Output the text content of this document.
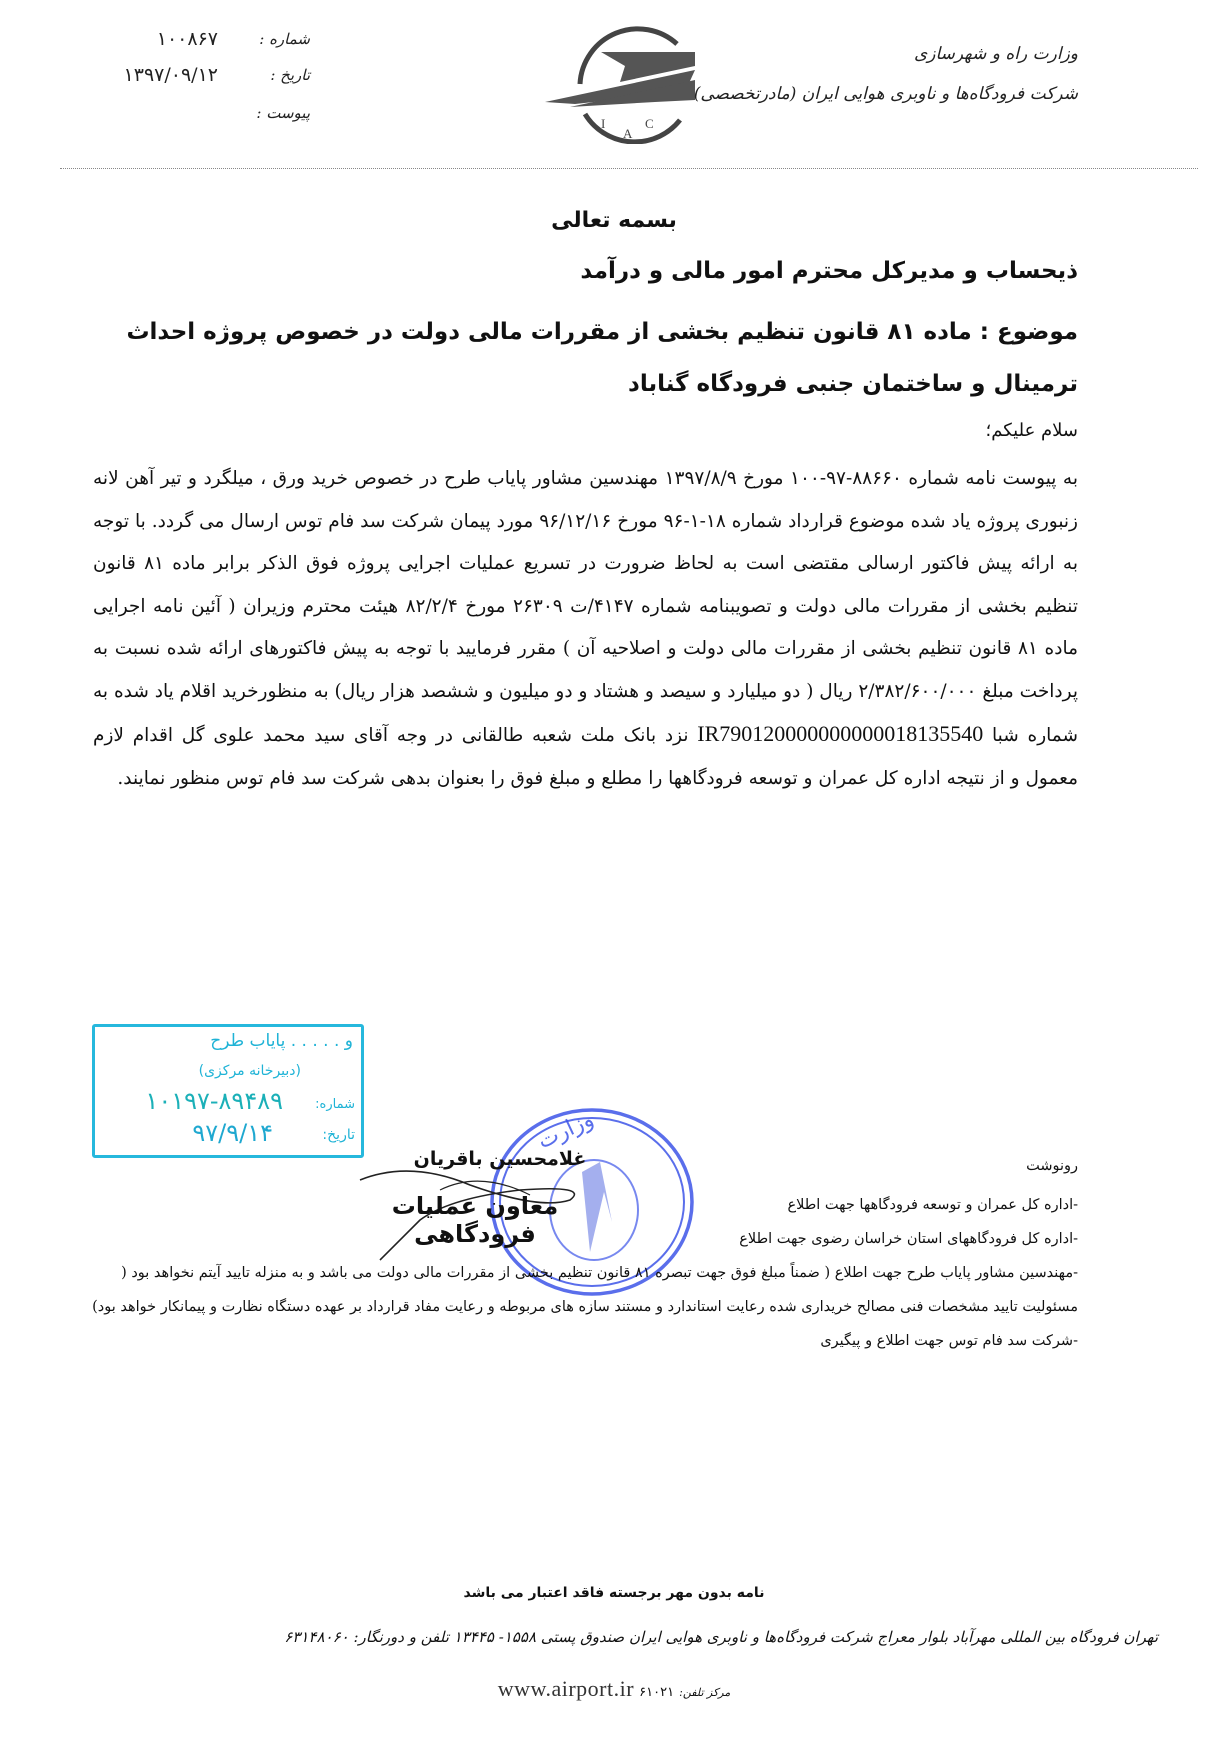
شماره :
۱۰۰۸۶۷
تاریخ :
۱۳۹۷/۰۹/۱۲
پیوست :
I
A
C
وزارت راه و شهرسازی
شرکت فرودگاه‌ها و ناوبری هوایی ایران (مادرتخصصی)
بسمه تعالی
ذیحساب و مدیرکل محترم امور مالی و درآمد
موضوع : ماده ۸۱ قانون تنظیم بخشی از مقررات مالی دولت در خصوص پروژه احداث ترمینال و ساختمان جنبی فرودگاه گناباد
سلام علیکم؛
به پیوست نامه شماره ۸۸۶۶۰-۹۷-۱۰۰ مورخ ۱۳۹۷/۸/۹ مهندسین مشاور پایاب طرح در خصوص خرید ورق ، میلگرد و تیر آهن لانه زنبوری پروژه یاد شده موضوع قرارداد شماره ۱۸-۱-۹۶ مورخ ۹۶/۱۲/۱۶ مورد پیمان شرکت سد فام توس ارسال می گردد. با توجه به ارائه پیش فاکتور ارسالی مقتضی است به لحاظ ضرورت در تسریع عملیات اجرایی پروژه فوق الذکر برابر ماده ۸۱ قانون تنظیم بخشی از مقررات مالی دولت و تصویبنامه شماره ۴۱۴۷/ت ۲۶۳۰۹ مورخ ۸۲/۲/۴ هیئت محترم وزیران ( آئین نامه اجرایی ماده ۸۱ قانون تنظیم بخشی از مقررات مالی دولت و اصلاحیه آن ) مقرر فرمایید با توجه به پیش فاکتورهای ارائه شده نسبت به پرداخت مبلغ ۲/۳۸۲/۶۰۰/۰۰۰ ریال ( دو میلیارد و سیصد و هشتاد و دو میلیون و ششصد هزار ریال) به منظورخرید اقلام یاد شده به شماره شبا IR790120000000000018135540 نزد بانک ملت شعبه طالقانی در وجه آقای سید محمد علوی گل اقدام لازم معمول و از نتیجه اداره کل عمران و توسعه فرودگاهها را مطلع و مبلغ فوق را بعنوان بدهی شرکت سد فام توس منظور نمایند.
و . . . . . پایاب طرح
(دبیرخانه مرکزی)
شماره:
۱۰۱۹۷-۸۹۴۸۹
تاریخ:
۹۷/۹/۱۴	وزارت
غلامحسین باقریان
معاون عملیات فرودگاهی
رونوشت
-اداره کل عمران و توسعه فرودگاهها جهت اطلاع
-اداره کل فرودگاههای استان خراسان رضوی جهت اطلاع
-مهندسین مشاور پایاب طرح جهت اطلاع ( ضمناً مبلغ فوق جهت تبصره ۸۱ قانون تنظیم بخشی از مقررات مالی دولت می باشد و به منزله تایید آیتم نخواهد بود ( مسئولیت تایید مشخصات فنی مصالح خریداری شده رعایت استاندارد و مستند سازه های مربوطه و رعایت مفاد قرارداد بر عهده دستگاه نظارت و پیمانکار خواهد بود)
-شرکت سد فام توس جهت اطلاع و پیگیری
نامه بدون مهر برجسته فاقد اعتبار می باشد
تهران فرودگاه بین المللی مهرآباد بلوار معراج شرکت فرودگاه‌ها و ناوبری هوایی ایران صندوق پستی ۱۵۵۸- ۱۳۴۴۵ تلفن و دورنگار: ۶۳۱۴۸۰۶۰
مرکز تلفن: ۶۱۰۲۱ www.airport.ir
